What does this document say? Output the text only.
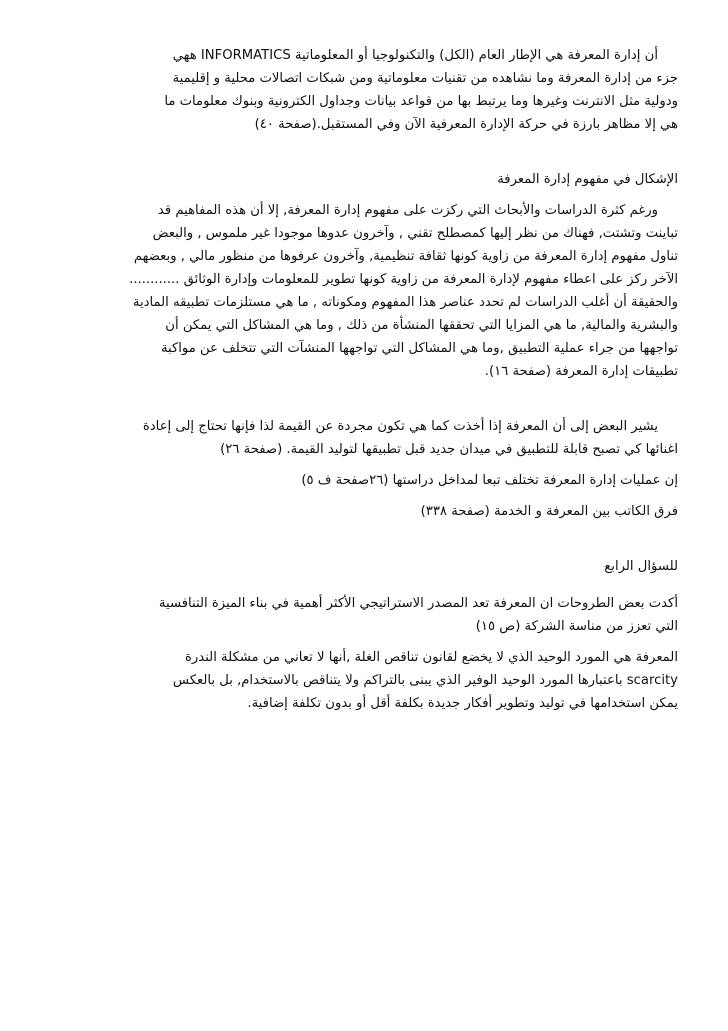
أن إدارة المعرفة هي الإطار العام (الكل) والتكنولوجيا أو المعلوماتية INFORMATICS ههي
جزء من إدارة المعرفة وما نشاهده من تقنيات معلوماتية ومن شبكات اتصالات محلية و إقليمية
ودولية مثل الانترنت وغيرها وما يرتبط بها من قواعد بيانات وجداول الكترونية وبنوك معلومات ما
هي إلا مظاهر بارزة في حركة الإدارة المعرفية الآن وفي المستقبل.(صفحة ٤٠)

الإشكال في مفهوم إدارة المعرفة

ورغم كثرة الدراسات والأبحاث التي ركزت على مفهوم إدارة المعرفة, إلا أن هذه المفاهيم قد
تباينت وتشتت, فهناك من نظر إليها كمصطلح تقني , وآخرون عدوها موجودا غير ملموس , والبعض
تناول مفهوم إدارة المعرفة من زاوية كونها ثقافة تنظيمية, وآخرون عرفوها من منظور مالي , وبعضهم
الآخر ركز على اعطاء مفهوم لإدارة المعرفة من زاوية كونها تطوير للمعلومات وإدارة الوثائق ............
والحقيقة أن أغلب الدراسات لم تحدد عناصر هذا المفهوم ومكوناته , ما هي مستلزمات تطبيقه المادية
والبشرية والمالية, ما هي المزايا التي تحققها المنشأة من ذلك , وما هي المشاكل التي يمكن أن
تواجهها من جراء عملية التطبيق ,وما هي المشاكل التي تواجهها المنشآت التي تتخلف عن مواكبة
تطبيقات إدارة المعرفة (صفحة ١٦).
يشير البعض إلى أن المعرفة إذا أخذت كما هي تكون مجردة عن القيمة لذا فإنها تحتاج إلى إعادة
اغنائها كي تصبح قابلة للتطبيق في ميدان جديد قبل تطبيقها لتوليد القيمة. (صفحة ٢٦)

إن عمليات إدارة المعرفة تختلف تبعا لمداخل دراستها (٢٦صفحة ف ٥)

فرق الكاتب بين المعرفة و الخدمة (صفحة ٣٣٨)

للسؤال الرابع

أكدت بعض الطروحات ان المعرفة تعد المصدر الاستراتيجي الأكثر أهمية في بناء الميزة التنافسية
التي تعزز من مناسة الشركة (ص ١٥)
المعرفة هي المورد الوحيد الذي لا يخضع لقانون تناقص الغلة ,أنها لا تعاني من مشكلة الندرة
scarcity باعتبارها المورد الوحيد الوفير الذي يبنى بالتراكم ولا يتناقص بالاستخدام, بل بالعكس
يمكن استخدامها في توليد وتطوير أفكار جديدة بكلفة أقل أو بدون تكلفة إضافية.
